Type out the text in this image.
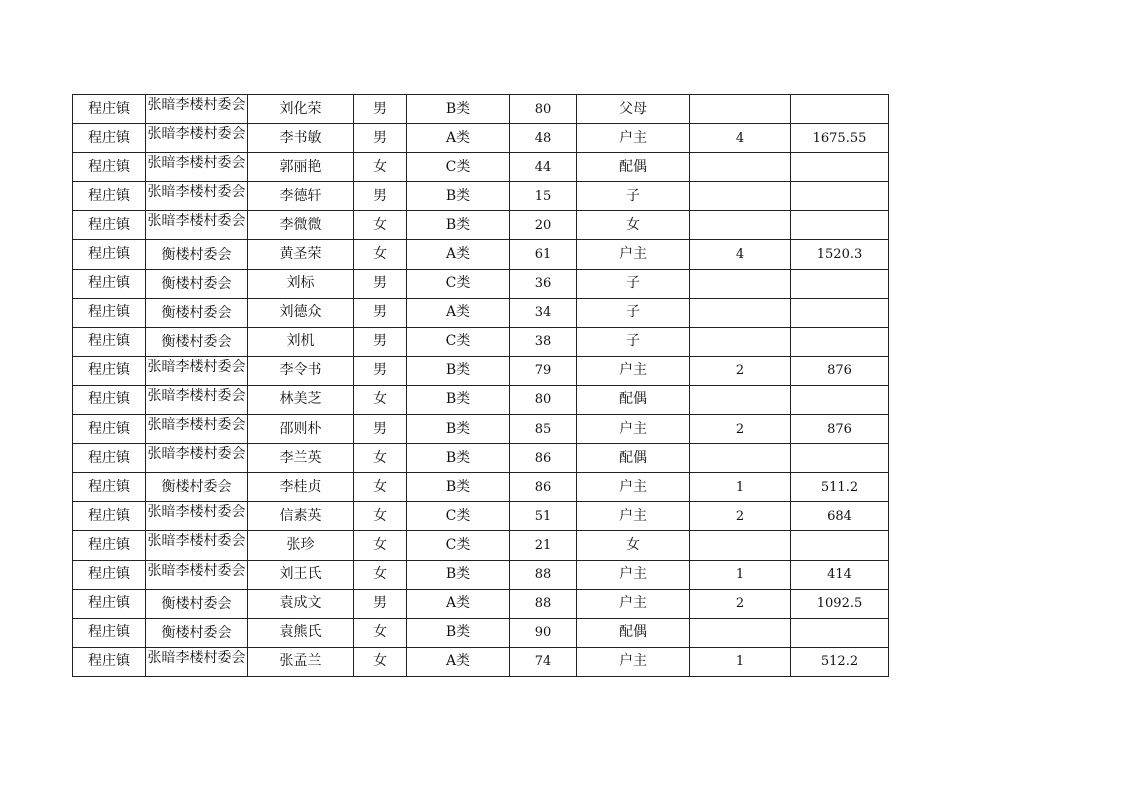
程庄镇	张暗李楼村委会	刘化荣	男	B类	80	父母		
程庄镇	张暗李楼村委会	李书敏	男	A类	48	户主	4	1675.55
程庄镇	张暗李楼村委会	郭丽艳	女	C类	44	配偶		
程庄镇	张暗李楼村委会	李德轩	男	B类	15	子		
程庄镇	张暗李楼村委会	李微微	女	B类	20	女		
程庄镇	衡楼村委会	黄圣荣	女	A类	61	户主	4	1520.3
程庄镇	衡楼村委会	刘标	男	C类	36	子		
程庄镇	衡楼村委会	刘德众	男	A类	34	子		
程庄镇	衡楼村委会	刘机	男	C类	38	子		
程庄镇	张暗李楼村委会	李令书	男	B类	79	户主	2	876
程庄镇	张暗李楼村委会	林美芝	女	B类	80	配偶		
程庄镇	张暗李楼村委会	邵则朴	男	B类	85	户主	2	876
程庄镇	张暗李楼村委会	李兰英	女	B类	86	配偶		
程庄镇	衡楼村委会	李桂贞	女	B类	86	户主	1	511.2
程庄镇	张暗李楼村委会	信素英	女	C类	51	户主	2	684
程庄镇	张暗李楼村委会	张珍	女	C类	21	女		
程庄镇	张暗李楼村委会	刘王氏	女	B类	88	户主	1	414
程庄镇	衡楼村委会	袁成文	男	A类	88	户主	2	1092.5
程庄镇	衡楼村委会	袁熊氏	女	B类	90	配偶		
程庄镇	张暗李楼村委会	张孟兰	女	A类	74	户主	1	512.2
